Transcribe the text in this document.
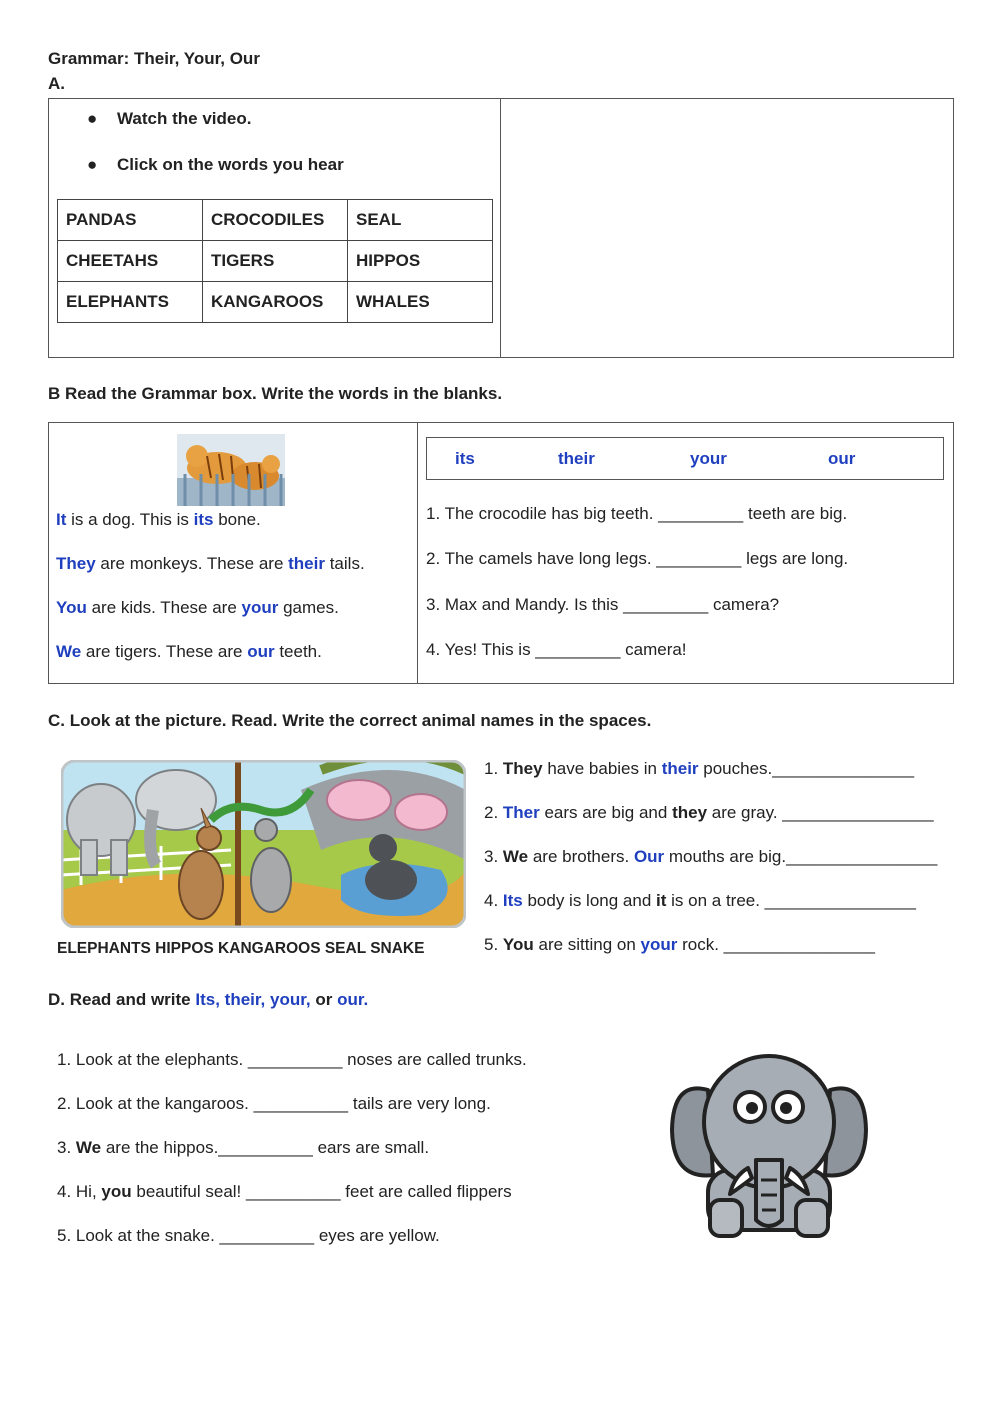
Grammar: Their, Your, Our
A.
● Watch the video.
● Click on the words you hear
PANDAS	CROCODILES	SEAL
CHEETAHS	TIGERS	HIPPOS
ELEPHANTS	KANGAROOS	WHALES
B Read the Grammar box. Write the words in the blanks.
It is a dog. This is its bone.
They are monkeys. These are their tails.
You are kids. These are your games.
We are tigers. These are our teeth.
its	their	your	our
1. The crocodile has big teeth. _________ teeth are big.
2. The camels have long legs. _________ legs are long.
3. Max and Mandy. Is this _________ camera?
4. Yes! This is _________ camera!
C. Look at the picture. Read. Write the correct animal names in the spaces.
ELEPHANTS HIPPOS KANGAROOS SEAL SNAKE
1. They have babies in their pouches._______________
2. Ther ears are big and they are gray. ________________
3. We are brothers. Our mouths are big.________________
4. Its body is long and it is on a tree. ________________
5. You are sitting on your rock. ________________
D. Read and write Its, their, your, or our.
1. Look at the elephants. __________ noses are called trunks.
2. Look at the kangaroos. __________ tails are very long.
3. We are the hippos.__________ ears are small.
4. Hi, you beautiful seal! __________ feet are called flippers
5. Look at the snake. __________ eyes are yellow.
